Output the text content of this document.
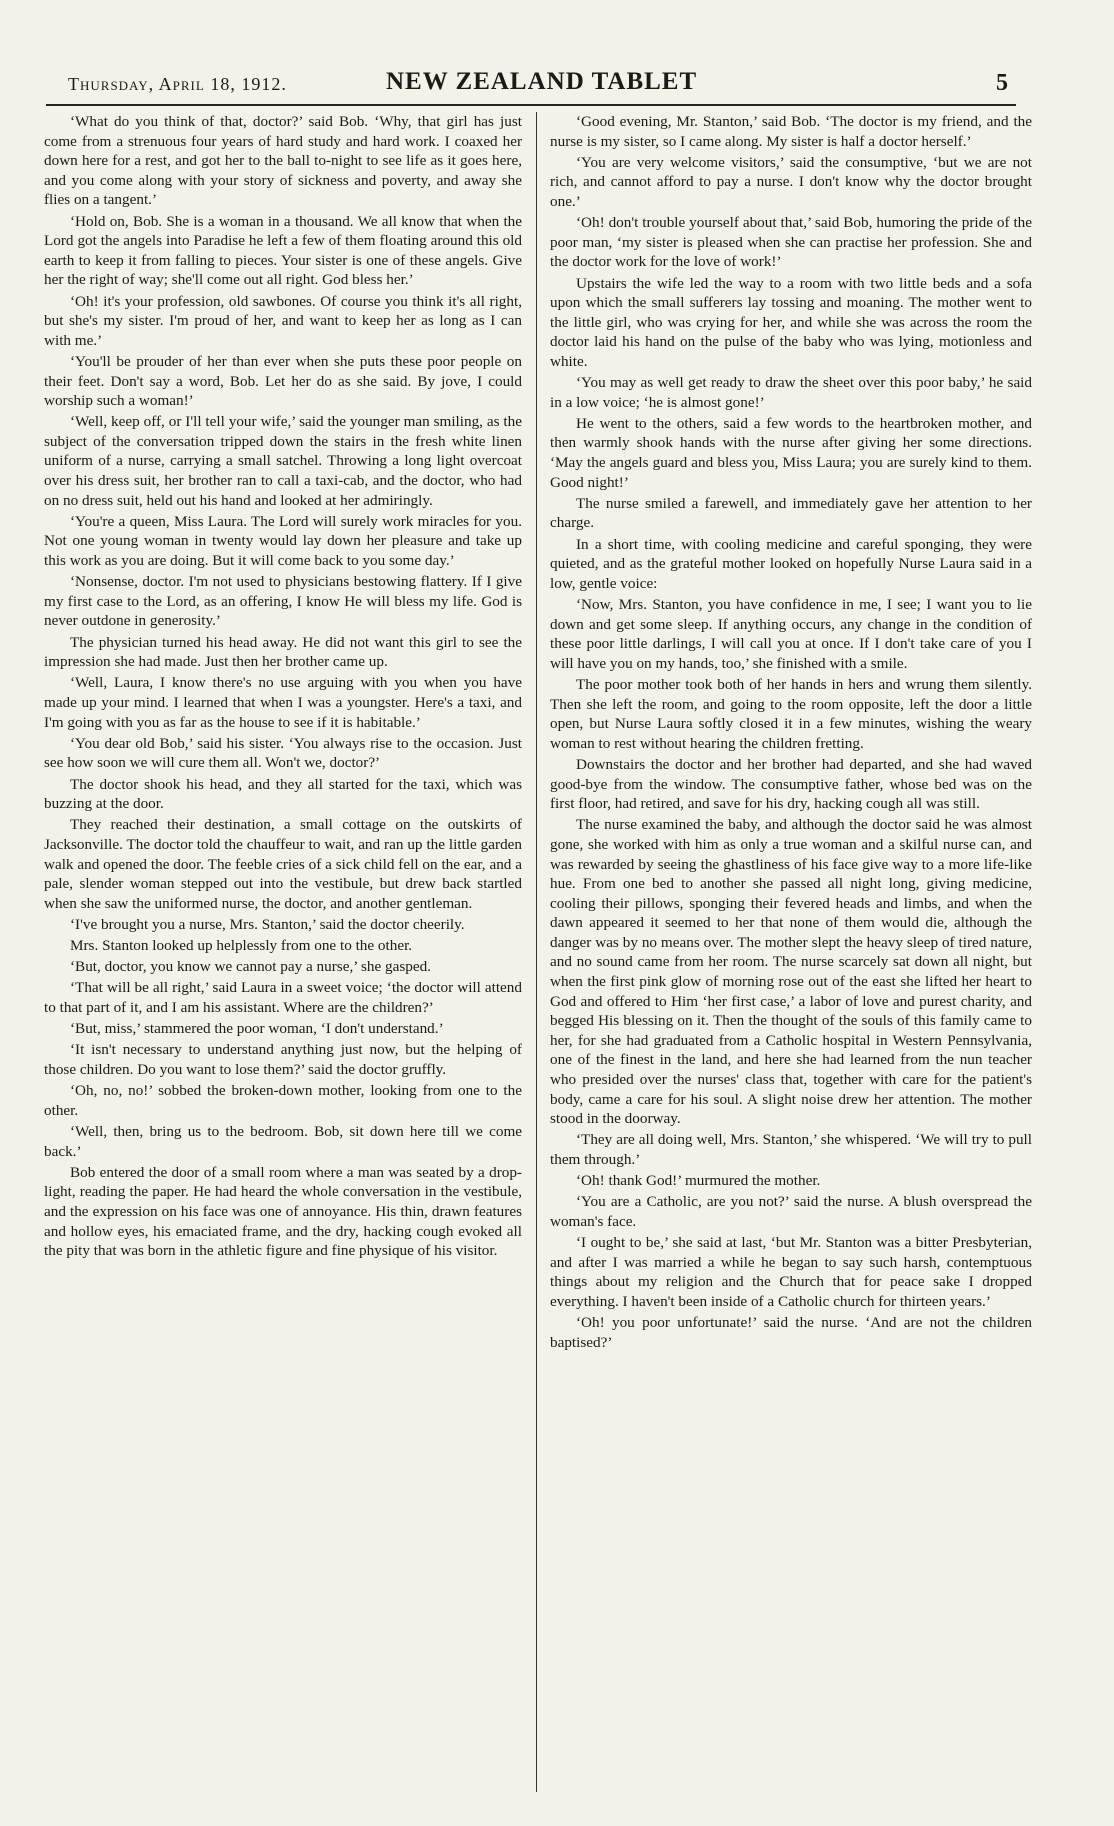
Thursday, April 18, 1912.	NEW ZEALAND TABLET	5

‘What do you think of that, doctor?’ said Bob. ‘Why, that girl has just come from a strenuous four years of hard study and hard work. I coaxed her down here for a rest, and got her to the ball to-night to see life as it goes here, and you come along with your story of sickness and poverty, and away she flies on a tangent.’

‘Hold on, Bob. She is a woman in a thousand. We all know that when the Lord got the angels into Paradise he left a few of them floating around this old earth to keep it from falling to pieces. Your sister is one of these angels. Give her the right of way; she'll come out all right. God bless her.’

‘Oh! it's your profession, old sawbones. Of course you think it's all right, but she's my sister. I'm proud of her, and want to keep her as long as I can with me.’

‘You'll be prouder of her than ever when she puts these poor people on their feet. Don't say a word, Bob. Let her do as she said. By jove, I could worship such a woman!’

‘Well, keep off, or I'll tell your wife,’ said the younger man smiling, as the subject of the conversation tripped down the stairs in the fresh white linen uniform of a nurse, carrying a small satchel. Throwing a long light overcoat over his dress suit, her brother ran to call a taxi-cab, and the doctor, who had on no dress suit, held out his hand and looked at her admiringly.

‘You're a queen, Miss Laura. The Lord will surely work miracles for you. Not one young woman in twenty would lay down her pleasure and take up this work as you are doing. But it will come back to you some day.’

‘Nonsense, doctor. I'm not used to physicians bestowing flattery. If I give my first case to the Lord, as an offering, I know He will bless my life. God is never outdone in generosity.’

The physician turned his head away. He did not want this girl to see the impression she had made. Just then her brother came up.

‘Well, Laura, I know there's no use arguing with you when you have made up your mind. I learned that when I was a youngster. Here's a taxi, and I'm going with you as far as the house to see if it is habitable.’

‘You dear old Bob,’ said his sister. ‘You always rise to the occasion. Just see how soon we will cure them all. Won't we, doctor?’

The doctor shook his head, and they all started for the taxi, which was buzzing at the door.

They reached their destination, a small cottage on the outskirts of Jacksonville. The doctor told the chauffeur to wait, and ran up the little garden walk and opened the door. The feeble cries of a sick child fell on the ear, and a pale, slender woman stepped out into the vestibule, but drew back startled when she saw the uniformed nurse, the doctor, and another gentleman.

‘I've brought you a nurse, Mrs. Stanton,’ said the doctor cheerily.

Mrs. Stanton looked up helplessly from one to the other.

‘But, doctor, you know we cannot pay a nurse,’ she gasped.

‘That will be all right,’ said Laura in a sweet voice; ‘the doctor will attend to that part of it, and I am his assistant. Where are the children?’

‘But, miss,’ stammered the poor woman, ‘I don't understand.’

‘It isn't necessary to understand anything just now, but the helping of those children. Do you want to lose them?’ said the doctor gruffly.

‘Oh, no, no!’ sobbed the broken-down mother, looking from one to the other.

‘Well, then, bring us to the bedroom. Bob, sit down here till we come back.’

Bob entered the door of a small room where a man was seated by a drop-light, reading the paper. He had heard the whole conversation in the vestibule, and the expression on his face was one of annoyance. His thin, drawn features and hollow eyes, his emaciated frame, and the dry, hacking cough evoked all the pity that was born in the athletic figure and fine physique of his visitor.

‘Good evening, Mr. Stanton,’ said Bob. ‘The doctor is my friend, and the nurse is my sister, so I came along. My sister is half a doctor herself.’

‘You are very welcome visitors,’ said the consumptive, ‘but we are not rich, and cannot afford to pay a nurse. I don't know why the doctor brought one.’

‘Oh! don't trouble yourself about that,’ said Bob, humoring the pride of the poor man, ‘my sister is pleased when she can practise her profession. She and the doctor work for the love of work!’

Upstairs the wife led the way to a room with two little beds and a sofa upon which the small sufferers lay tossing and moaning. The mother went to the little girl, who was crying for her, and while she was across the room the doctor laid his hand on the pulse of the baby who was lying, motionless and white.

‘You may as well get ready to draw the sheet over this poor baby,’ he said in a low voice; ‘he is almost gone!’

He went to the others, said a few words to the heartbroken mother, and then warmly shook hands with the nurse after giving her some directions. ‘May the angels guard and bless you, Miss Laura; you are surely kind to them. Good night!’

The nurse smiled a farewell, and immediately gave her attention to her charge.

In a short time, with cooling medicine and careful sponging, they were quieted, and as the grateful mother looked on hopefully Nurse Laura said in a low, gentle voice:

‘Now, Mrs. Stanton, you have confidence in me, I see; I want you to lie down and get some sleep. If anything occurs, any change in the condition of these poor little darlings, I will call you at once. If I don't take care of you I will have you on my hands, too,’ she finished with a smile.

The poor mother took both of her hands in hers and wrung them silently. Then she left the room, and going to the room opposite, left the door a little open, but Nurse Laura softly closed it in a few minutes, wishing the weary woman to rest without hearing the children fretting.

Downstairs the doctor and her brother had departed, and she had waved good-bye from the window. The consumptive father, whose bed was on the first floor, had retired, and save for his dry, hacking cough all was still.

The nurse examined the baby, and although the doctor said he was almost gone, she worked with him as only a true woman and a skilful nurse can, and was rewarded by seeing the ghastliness of his face give way to a more life-like hue. From one bed to another she passed all night long, giving medicine, cooling their pillows, sponging their fevered heads and limbs, and when the dawn appeared it seemed to her that none of them would die, although the danger was by no means over. The mother slept the heavy sleep of tired nature, and no sound came from her room. The nurse scarcely sat down all night, but when the first pink glow of morning rose out of the east she lifted her heart to God and offered to Him ‘her first case,’ a labor of love and purest charity, and begged His blessing on it. Then the thought of the souls of this family came to her, for she had graduated from a Catholic hospital in Western Pennsylvania, one of the finest in the land, and here she had learned from the nun teacher who presided over the nurses' class that, together with care for the patient's body, came a care for his soul. A slight noise drew her attention. The mother stood in the doorway.

‘They are all doing well, Mrs. Stanton,’ she whispered. ‘We will try to pull them through.’

‘Oh! thank God!’ murmured the mother.

‘You are a Catholic, are you not?’ said the nurse. A blush overspread the woman's face.

‘I ought to be,’ she said at last, ‘but Mr. Stanton was a bitter Presbyterian, and after I was married a while he began to say such harsh, contemptuous things about my religion and the Church that for peace sake I dropped everything. I haven't been inside of a Catholic church for thirteen years.’

‘Oh! you poor unfortunate!’ said the nurse. ‘And are not the children baptised?’
